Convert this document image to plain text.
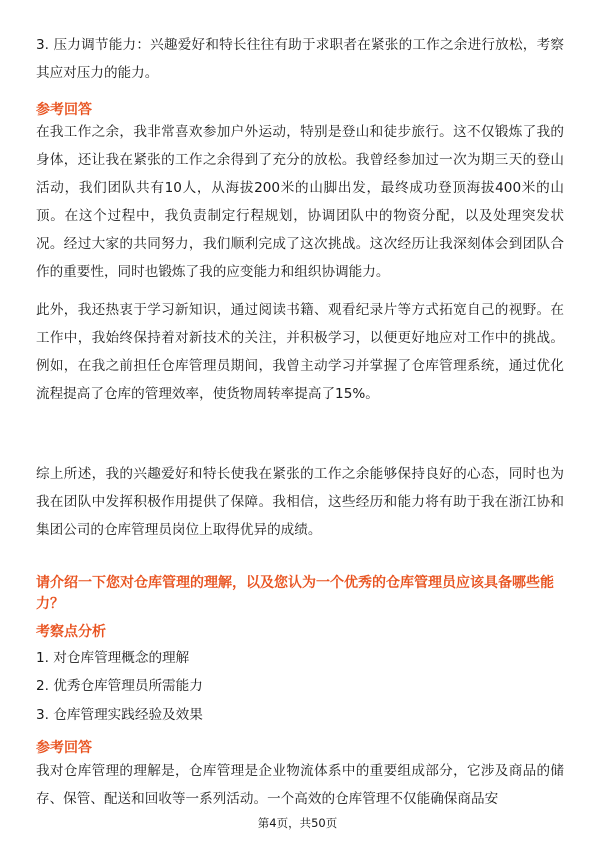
3. 压力调节能力：兴趣爱好和特长往往有助于求职者在紧张的工作之余进行放松，考察其应对压力的能力。

参考回答

在我工作之余，我非常喜欢参加户外运动，特别是登山和徒步旅行。这不仅锻炼了我的身体，还让我在紧张的工作之余得到了充分的放松。我曾经参加过一次为期三天的登山活动，我们团队共有10人，从海拔200米的山脚出发，最终成功登顶海拔400米的山顶。在这个过程中，我负责制定行程规划，协调团队中的物资分配，以及处理突发状况。经过大家的共同努力，我们顺利完成了这次挑战。这次经历让我深刻体会到团队合作的重要性，同时也锻炼了我的应变能力和组织协调能力。

此外，我还热衷于学习新知识，通过阅读书籍、观看纪录片等方式拓宽自己的视野。在工作中，我始终保持着对新技术的关注，并积极学习，以便更好地应对工作中的挑战。例如，在我之前担任仓库管理员期间，我曾主动学习并掌握了仓库管理系统，通过优化流程提高了仓库的管理效率，使货物周转率提高了15%。

综上所述，我的兴趣爱好和特长使我在紧张的工作之余能够保持良好的心态，同时也为我在团队中发挥积极作用提供了保障。我相信，这些经历和能力将有助于我在浙江协和集团公司的仓库管理员岗位上取得优异的成绩。

请介绍一下您对仓库管理的理解，以及您认为一个优秀的仓库管理员应该具备哪些能力？
考察点分析
1. 对仓库管理概念的理解
2. 优秀仓库管理员所需能力
3. 仓库管理实践经验及效果
参考回答

我对仓库管理的理解是，仓库管理是企业物流体系中的重要组成部分，它涉及商品的储存、保管、配送和回收等一系列活动。一个高效的仓库管理不仅能确保商品安

第4页，共50页
